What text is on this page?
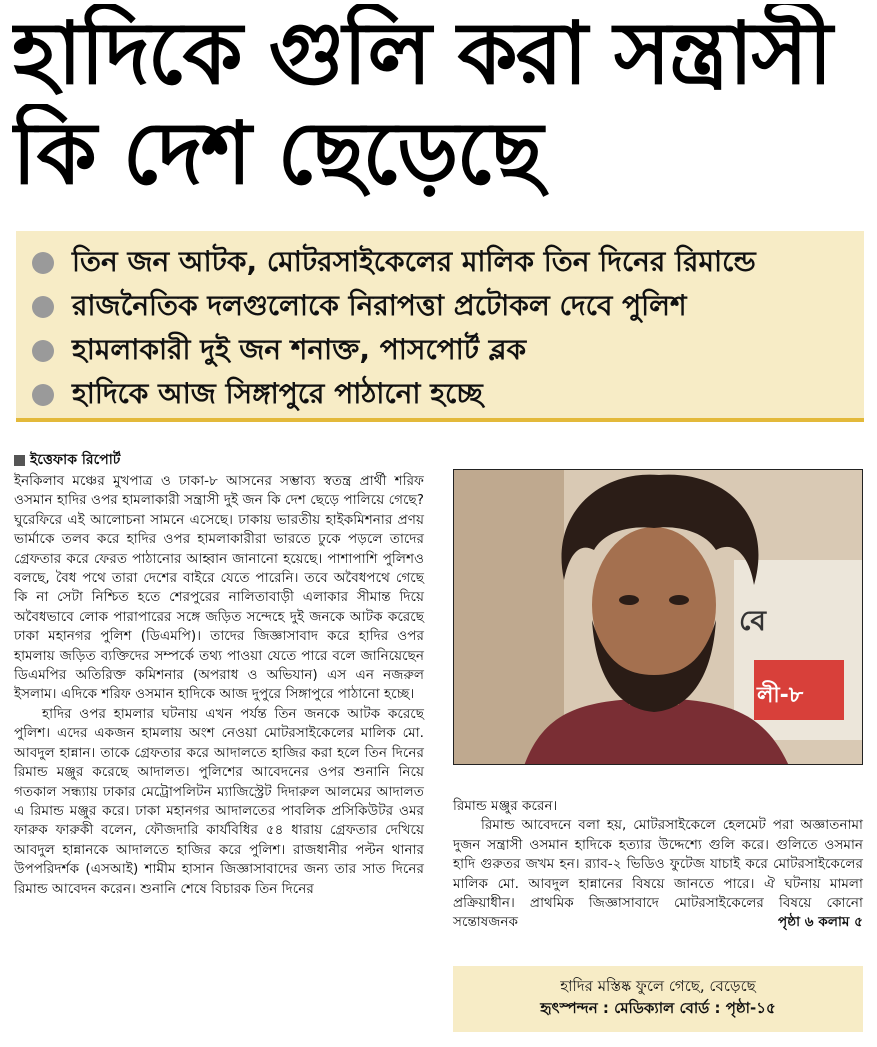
হাদিকে গুলি করা সন্ত্রাসী
কি দেশ ছেড়েছে
তিন জন আটক, মোটরসাইকেলের মালিক তিন দিনের রিমান্ডে
রাজনৈতিক দলগুলোকে নিরাপত্তা প্রটোকল দেবে পুলিশ
হামলাকারী দুই জন শনাক্ত, পাসপোর্ট ব্লক
হাদিকে আজ সিঙ্গাপুরে পাঠানো হচ্ছে
ইত্তেফাক রিপোর্ট

ইনকিলাব মঞ্চের মুখপাত্র ও ঢাকা-৮ আসনের সম্ভাব্য স্বতন্ত্র প্রার্থী শরিফ ওসমান হাদির ওপর হামলাকারী সন্ত্রাসী দুই জন কি দেশ ছেড়ে পালিয়ে গেছে? ঘুরেফিরে এই আলোচনা সামনে এসেছে। ঢাকায় ভারতীয় হাইকমিশনার প্রণয় ভার্মাকে তলব করে হাদির ওপর হামলাকারীরা ভারতে ঢুকে পড়লে তাদের গ্রেফতার করে ফেরত পাঠানোর আহ্বান জানানো হয়েছে। পাশাপাশি পুলিশও বলছে, বৈধ পথে তারা দেশের বাইরে যেতে পারেনি। তবে অবৈধপথে গেছে কি না সেটা নিশ্চিত হতে শেরপুরের নালিতাবাড়ী এলাকার সীমান্ত দিয়ে অবৈধভাবে লোক পারাপারের সঙ্গে জড়িত সন্দেহে দুই জনকে আটক করেছে ঢাকা মহানগর পুলিশ (ডিএমপি)। তাদের জিজ্ঞাসাবাদ করে হাদির ওপর হামলায় জড়িত ব্যক্তিদের সম্পর্কে তথ্য পাওয়া যেতে পারে বলে জানিয়েছেন ডিএমপির অতিরিক্ত কমিশনার (অপরাধ ও অভিযান) এস এন নজরুল ইসলাম। এদিকে শরিফ ওসমান হাদিকে আজ দুপুরে সিঙ্গাপুরে পাঠানো হচ্ছে।

হাদির ওপর হামলার ঘটনায় এখন পর্যন্ত তিন জনকে আটক করেছে পুলিশ। এদের একজন হামলায় অংশ নেওয়া মোটরসাইকেলের মালিক মো. আবদুল হান্নান। তাকে গ্রেফতার করে আদালতে হাজির করা হলে তিন দিনের রিমান্ড মঞ্জুর করেছে আদালত। পুলিশের আবেদনের ওপর শুনানি নিয়ে গতকাল সন্ধ্যায় ঢাকার মেট্রোপলিটন ম্যাজিস্ট্রেট দিদারুল আলমের আদালত এ রিমান্ড মঞ্জুর করে। ঢাকা মহানগর আদালতের পাবলিক প্রসিকিউটর ওমর ফারুক ফারুকী বলেন, ফৌজদারি কার্যবিধির ৫৪ ধারায় গ্রেফতার দেখিয়ে আবদুল হান্নানকে আদালতে হাজির করে পুলিশ। রাজধানীর পল্টন থানার উপপরিদর্শক (এসআই) শামীম হাসান জিজ্ঞাসাবাদের জন্য তার সাত দিনের রিমান্ড আবেদন করেন। শুনানি শেষে বিচারক তিন দিনের

বে
লী-৮

রিমান্ড মঞ্জুর করেন।

রিমান্ড আবেদনে বলা হয়, মোটরসাইকেলে হেলমেট পরা অজ্ঞাতনামা দুজন সন্ত্রাসী ওসমান হাদিকে হত্যার উদ্দেশ্যে গুলি করে। গুলিতে ওসমান হাদি গুরুতর জখম হন। র‍্যাব-২ ভিডিও ফুটেজ যাচাই করে মোটরসাইকেলের মালিক মো. আবদুল হান্নানের বিষয়ে জানতে পারে। ঐ ঘটনায় মামলা প্রক্রিয়াধীন। প্রাথমিক জিজ্ঞাসাবাদে মোটরসাইকেলের বিষয়ে কোনো সন্তোষজনক	পৃষ্ঠা ৬ কলাম ৫

হাদির মস্তিষ্ক ফুলে গেছে, বেড়েছে
হৃৎস্পন্দন : মেডিক্যাল বোর্ড : পৃষ্ঠা-১৫
